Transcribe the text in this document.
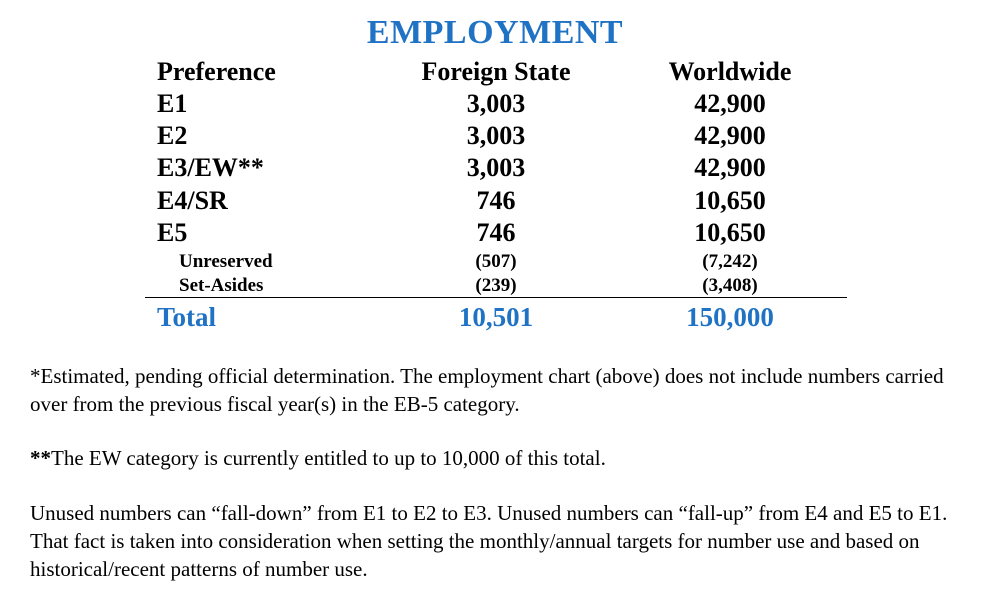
EMPLOYMENT
Preference	Foreign State	Worldwide
E1	3,003	42,900
E2	3,003	42,900
E3/EW**	3,003	42,900
E4/SR	746	10,650
E5	746	10,650
Unreserved	(507)	(7,242)
Set-Asides	(239)	(3,408)
Total	10,501	150,000
*Estimated, pending official determination. The employment chart (above) does not include numbers carried over from the previous fiscal year(s) in the EB-5 category.
**The EW category is currently entitled to up to 10,000 of this total.
Unused numbers can “fall-down” from E1 to E2 to E3. Unused numbers can “fall-up” from E4 and E5 to E1. That fact is taken into consideration when setting the monthly/annual targets for number use and based on historical/recent patterns of number use.
